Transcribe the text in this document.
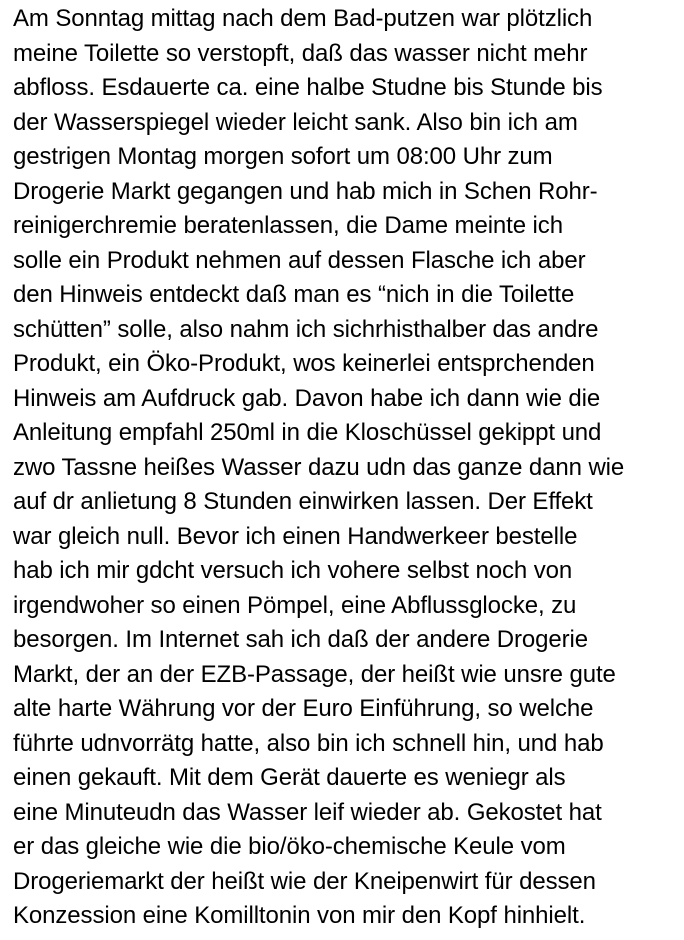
Am Sonntag mittag nach dem Bad-putzen war plötzlich
meine Toilette so verstopft, daß das wasser nicht mehr
abfloss. Esdauerte ca. eine halbe Studne bis Stunde bis
der Wasserspiegel wieder leicht sank. Also bin ich am
gestrigen Montag morgen sofort um 08:00 Uhr zum
Drogerie Markt gegangen und hab mich in Schen Rohr-
reinigerchremie beratenlassen, die Dame meinte ich
solle ein Produkt nehmen auf dessen Flasche ich aber
den Hinweis entdeckt daß man es “nich in die Toilette
schütten” solle, also nahm ich sichrhisthalber das andre
Produkt, ein Öko-Produkt, wos keinerlei entsprchenden
Hinweis am Aufdruck gab. Davon habe ich dann wie die
Anleitung empfahl 250ml in die Kloschüssel gekippt und
zwo Tassne heißes Wasser dazu udn das ganze dann wie
auf dr anlietung 8 Stunden einwirken lassen. Der Effekt
war gleich null. Bevor ich einen Handwerkeer bestelle
hab ich mir gdcht versuch ich vohere selbst noch von
irgendwoher so einen Pömpel, eine Abflussglocke, zu
besorgen. Im Internet sah ich daß der andere Drogerie
Markt, der an der EZB-Passage, der heißt wie unsre gute
alte harte Währung vor der Euro Einführung, so welche
führte udnvorrätg hatte, also bin ich schnell hin, und hab
einen gekauft. Mit dem Gerät dauerte es weniegr als
eine Minuteudn das Wasser leif wieder ab. Gekostet hat
er das gleiche wie die bio/öko-chemische Keule vom
Drogeriemarkt der heißt wie der Kneipenwirt für dessen
Konzession eine Komilltonin von mir den Kopf hinhielt.
